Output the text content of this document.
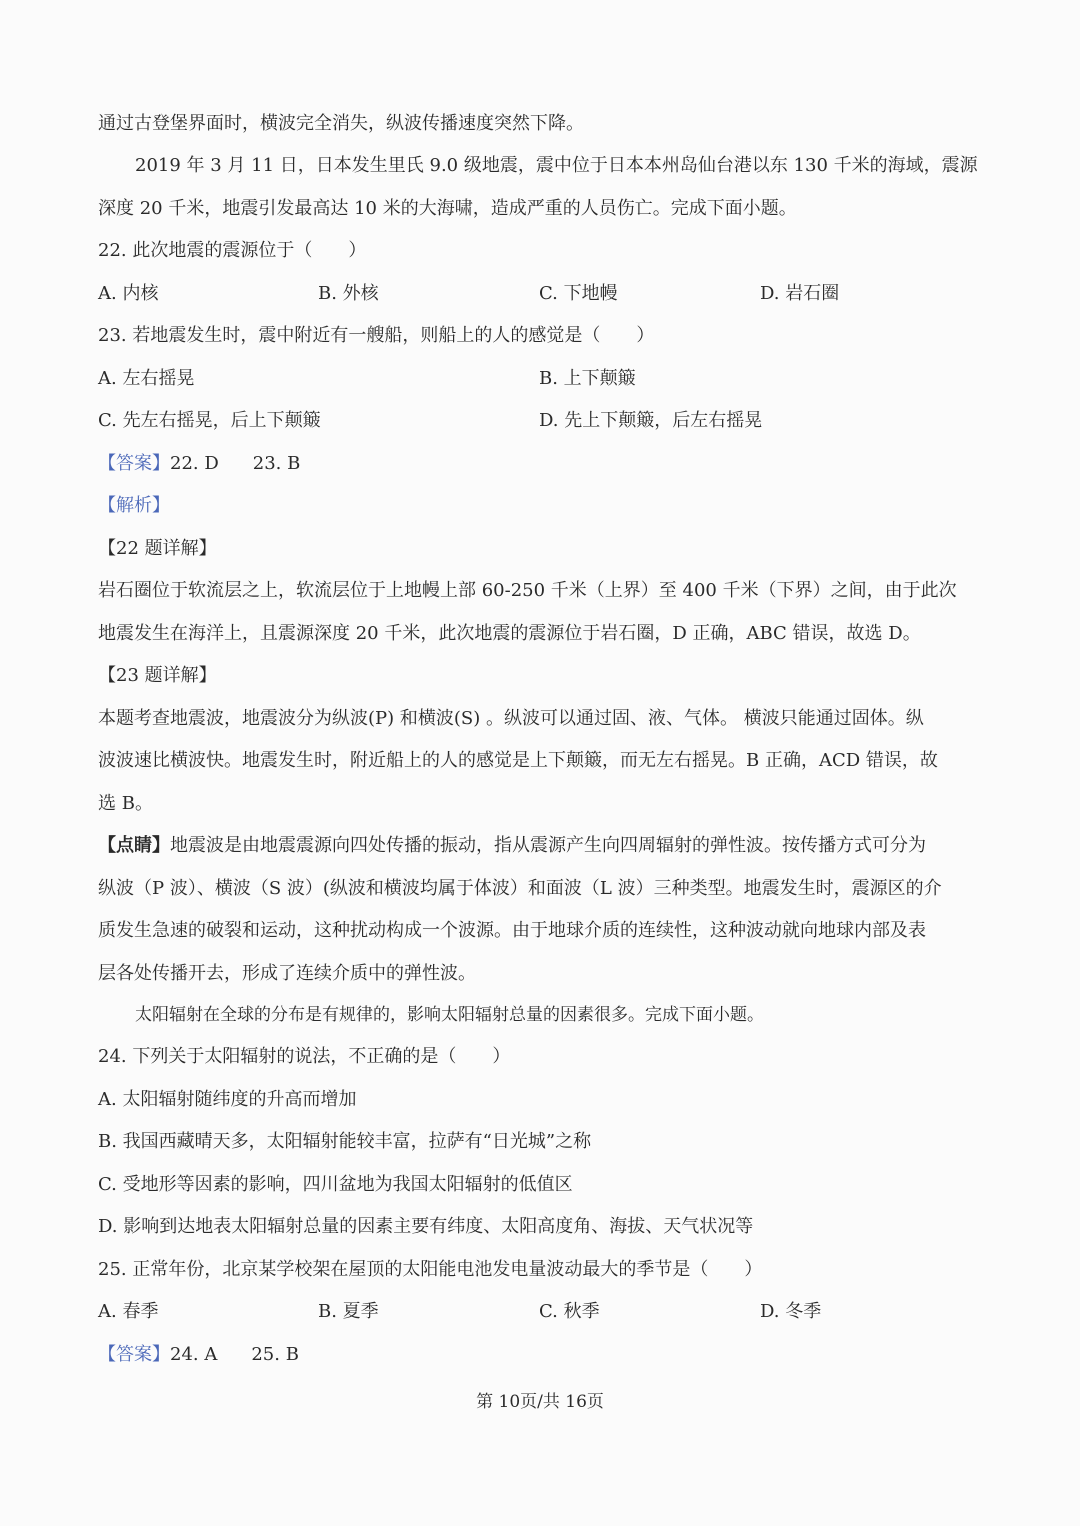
通过古登堡界面时，横波完全消失，纵波传播速度突然下降。
2019 年 3 月 11 日，日本发生里氏 9.0 级地震，震中位于日本本州岛仙台港以东 130 千米的海域，震源
深度 20 千米，地震引发最高达 10 米的大海啸，造成严重的人员伤亡。完成下面小题。
22. 此次地震的震源位于（　　）
A. 内核	B. 外核	C. 下地幔	D. 岩石圈
23. 若地震发生时，震中附近有一艘船，则船上的人的感觉是（　　）
A. 左右摇晃	B. 上下颠簸
C. 先左右摇晃，后上下颠簸	D. 先上下颠簸，后左右摇晃
【答案】22. D 23. B
【解析】
【22 题详解】
岩石圈位于软流层之上，软流层位于上地幔上部 60-250 千米（上界）至 400 千米（下界）之间，由于此次
地震发生在海洋上，且震源深度 20 千米，此次地震的震源位于岩石圈，D 正确，ABC 错误，故选 D。
【23 题详解】
本题考查地震波，地震波分为纵波(P) 和横波(S) 。纵波可以通过固、液、气体。 横波只能通过固体。纵
波波速比横波快。地震发生时，附近船上的人的感觉是上下颠簸，而无左右摇晃。B 正确，ACD 错误，故
选 B。
【点睛】地震波是由地震震源向四处传播的振动，指从震源产生向四周辐射的弹性波。按传播方式可分为
纵波（P 波）、横波（S 波）(纵波和横波均属于体波）和面波（L 波）三种类型。地震发生时，震源区的介
质发生急速的破裂和运动，这种扰动构成一个波源。由于地球介质的连续性，这种波动就向地球内部及表
层各处传播开去，形成了连续介质中的弹性波。
太阳辐射在全球的分布是有规律的，影响太阳辐射总量的因素很多。完成下面小题。
24. 下列关于太阳辐射的说法，不正确的是（　　）
A. 太阳辐射随纬度的升高而增加
B. 我国西藏晴天多，太阳辐射能较丰富，拉萨有“日光城”之称
C. 受地形等因素的影响，四川盆地为我国太阳辐射的低值区
D. 影响到达地表太阳辐射总量的因素主要有纬度、太阳高度角、海拔、天气状况等
25. 正常年份，北京某学校架在屋顶的太阳能电池发电量波动最大的季节是（　　）
A. 春季	B. 夏季	C. 秋季	D. 冬季
【答案】24. A 25. B
第 10页/共 16页
